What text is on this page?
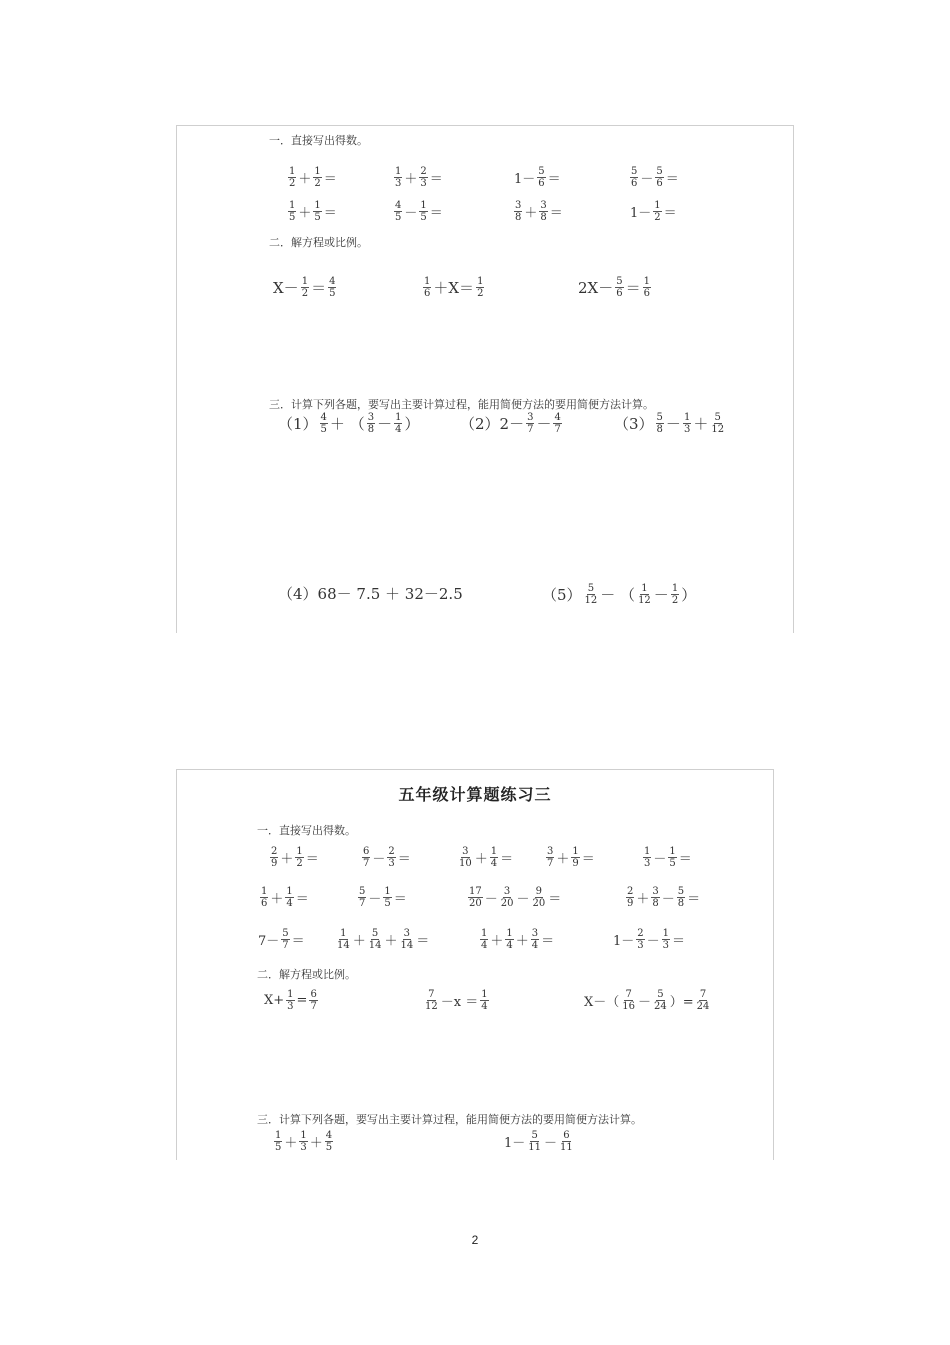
一．直接写出得数。
$\frac{1}{2} + \frac{1}{2}$ ＝	$\frac{1}{3} + \frac{2}{3}$ ＝	$1- \frac{5}{6}$ ＝	$\frac{5}{6} - \frac{5}{6}$ ＝
$\frac{1}{5} + \frac{1}{5}$ ＝	$\frac{4}{5} - \frac{1}{5}$ ＝	$\frac{3}{8} + \frac{3}{8}$ ＝	$1- \frac{1}{2}$ ＝
二．解方程或比例。
$X- \frac{1}{2} = \frac{4}{5}$	$\frac{1}{6} +X= \frac{1}{2}$	$2X- \frac{5}{6} = \frac{1}{6}$
三．计算下列各题，要写出主要计算过程，能用简便方法的要用简便方法计算。
$(1) \frac{4}{5}$ ＋ （ $\frac{3}{8} - \frac{1}{4}$ ）	$(2)2- \frac{3}{7} - \frac{4}{7}$	$(3) \frac{5}{8} - \frac{1}{3} + \frac{5}{12}$
（4）68－ 7.5 ＋ 32－2.5	$(5) \frac{5}{12}$ － （ $\frac{1}{12} - \frac{1}{2}$ ）
五年级计算题练习三
一．直接写出得数。
$\frac{2}{9} + \frac{1}{2}$ ＝	$\frac{6}{7} - \frac{2}{3}$ ＝	$\frac{3}{10} + \frac{1}{4}$ ＝	$\frac{3}{7} + \frac{1}{9}$ ＝	$\frac{1}{3} - \frac{1}{5}$ ＝
$\frac{1}{6} + \frac{1}{4}$ ＝	$\frac{5}{7} - \frac{1}{5}$ ＝	$\frac{17}{20} - \frac{3}{20} - \frac{9}{20}$ ＝	$\frac{2}{9} + \frac{3}{8} - \frac{5}{8}$ ＝
$7- \frac{5}{7}$ ＝	$\frac{1}{14} + \frac{5}{14} + \frac{3}{14}$ ＝	$\frac{1}{4} + \frac{1}{4} + \frac{3}{4}$ ＝	$1- \frac{2}{3} - \frac{1}{3}$ ＝
二．解方程或比例。
$X+ \frac{1}{3} = \frac{6}{7}$	$\frac{7}{12} -x = \frac{1}{4}$	$X-( \frac{7}{16} - \frac{5}{24}$ ）= $\frac{7}{24}$
三．计算下列各题，要写出主要计算过程，能用简便方法的要用简便方法计算。
$\frac{1}{5} + \frac{1}{3} + \frac{4}{5}$	$1- \frac{5}{11} - \frac{6}{11}$
2
